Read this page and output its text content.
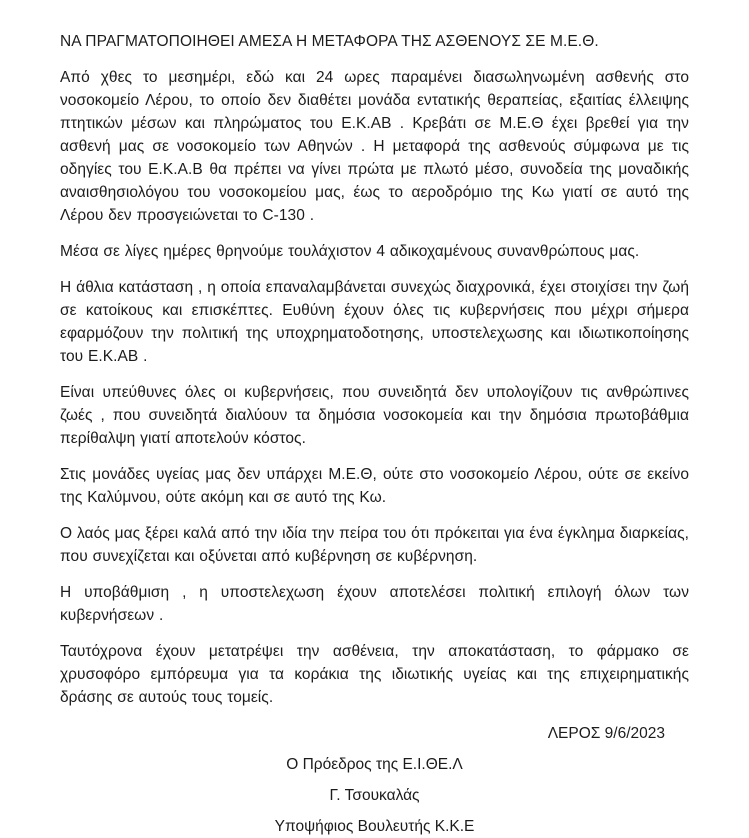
ΝΑ ΠΡΑΓΜΑΤΟΠΟΙΗΘΕΙ ΑΜΕΣΑ Η ΜΕΤΑΦΟΡΑ ΤΗΣ ΑΣΘΕΝΟΥΣ ΣΕ Μ.Ε.Θ.

Από χθες το μεσημέρι, εδώ και 24 ωρες παραμένει διασωληνωμένη ασθενής στο νοσοκομείο Λέρου, το οποίο δεν διαθέτει μονάδα εντατικής θεραπείας, εξαιτίας έλλειψης πτητικών μέσων και πληρώματος του Ε.Κ.ΑΒ . Κρεβάτι σε Μ.Ε.Θ έχει βρεθεί για την ασθενή μας σε νοσοκομείο των Αθηνών . Η μεταφορά της ασθενούς σύμφωνα με τις οδηγίες του Ε.Κ.Α.Β θα πρέπει να γίνει πρώτα με πλωτό μέσο, συνοδεία της μοναδικής αναισθησιολόγου του νοσοκομείου μας, έως το αεροδρόμιο της Κω γιατί σε αυτό της Λέρου δεν προσγειώνεται το C-130 .

Μέσα σε λίγες ημέρες θρηνούμε τουλάχιστον 4 αδικοχαμένους συνανθρώπους μας.

Η άθλια κατάσταση , η οποία επαναλαμβάνεται συνεχώς διαχρονικά, έχει στοιχίσει την ζωή σε κατοίκους και επισκέπτες. Ευθύνη έχουν όλες τις κυβερνήσεις που μέχρι σήμερα εφαρμόζουν την πολιτική της υποχρηματοδοτησης, υποστελεχωσης και ιδιωτικοποίησης του Ε.Κ.ΑΒ .

Είναι υπεύθυνες όλες οι κυβερνήσεις, που συνειδητά δεν υπολογίζουν τις ανθρώπινες ζωές , που συνειδητά διαλύουν τα δημόσια νοσοκομεία και την δημόσια πρωτοβάθμια περίθαλψη γιατί αποτελούν κόστος.

Στις μονάδες υγείας μας δεν υπάρχει Μ.Ε.Θ, ούτε στο νοσοκομείο Λέρου, ούτε σε εκείνο της Καλύμνου, ούτε ακόμη και σε αυτό της Κω.

Ο λαός μας ξέρει καλά από την ιδία την πείρα του ότι πρόκειται για ένα έγκλημα διαρκείας, που συνεχίζεται και οξύνεται από κυβέρνηση σε κυβέρνηση.

Η υποβάθμιση , η υποστελεχωση έχουν αποτελέσει πολιτική επιλογή όλων των κυβερνήσεων .

Ταυτόχρονα έχουν μετατρέψει την ασθένεια, την αποκατάσταση, το φάρμακο σε χρυσοφόρο εμπόρευμα για τα κοράκια της ιδιωτικής υγείας και της επιχειρηματικής δράσης σε αυτούς τους τομείς.

ΛΕΡΟΣ 9/6/2023

Ο Πρόεδρος της Ε.Ι.ΘΕ.Λ

Γ. Τσουκαλάς

Υποψήφιος Βουλευτής Κ.Κ.Ε
